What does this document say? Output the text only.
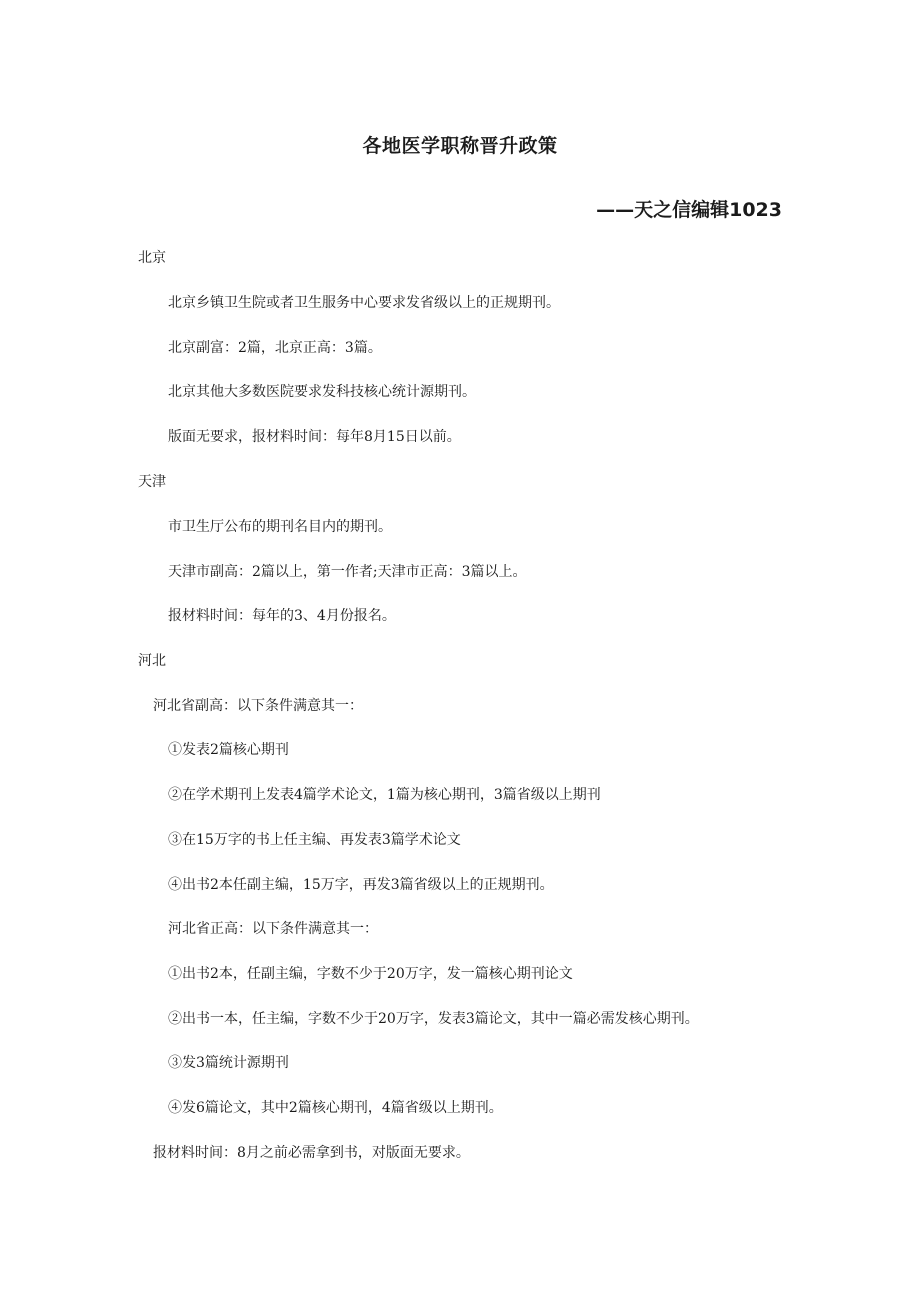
各地医学职称晋升政策
——天之信编辑1023
北京
北京乡镇卫生院或者卫生服务中心要求发省级以上的正规期刊。
北京副富：2篇，北京正高：3篇。
北京其他大多数医院要求发科技核心统计源期刊。
版面无要求，报材料时间：每年8月15日以前。
天津
市卫生厅公布的期刊名目内的期刊。
天津市副高：2篇以上，第一作者;天津市正高：3篇以上。
报材料时间：每年的3、4月份报名。
河北
河北省副高：以下条件满意其一：
①发表2篇核心期刊
②在学术期刊上发表4篇学术论文，1篇为核心期刊，3篇省级以上期刊
③在15万字的书上任主编、再发表3篇学术论文
④出书2本任副主编，15万字，再发3篇省级以上的正规期刊。
河北省正高：以下条件满意其一：
①出书2本，任副主编，字数不少于20万字，发一篇核心期刊论文
②出书一本，任主编，字数不少于20万字，发表3篇论文，其中一篇必需发核心期刊。
③发3篇统计源期刊
④发6篇论文，其中2篇核心期刊，4篇省级以上期刊。
报材料时间：8月之前必需拿到书，对版面无要求。
